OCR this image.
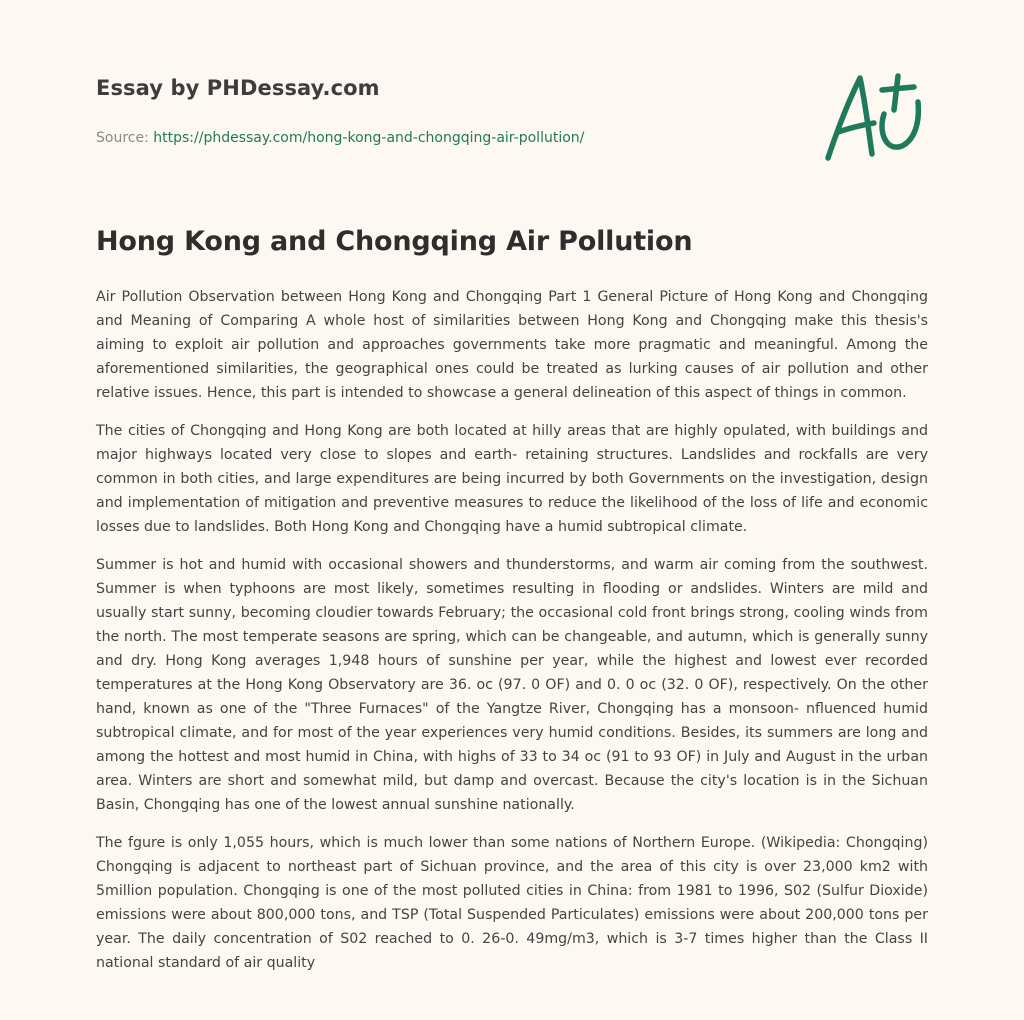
Essay by PHDessay.com
Source: https://phdessay.com/hong-kong-and-chongqing-air-pollution/
Hong Kong and Chongqing Air Pollution

Air Pollution Observation between Hong Kong and Chongqing Part 1 General Picture of Hong Kong and Chongqing and Meaning of Comparing A whole host of similarities between Hong Kong and Chongqing make this thesis's aiming to exploit air pollution and approaches governments take more pragmatic and meaningful. Among the aforementioned similarities, the geographical ones could be treated as lurking causes of air pollution and other relative issues. Hence, this part is intended to showcase a general delineation of this aspect of things in common.

The cities of Chongqing and Hong Kong are both located at hilly areas that are highly opulated, with buildings and major highways located very close to slopes and earth- retaining structures. Landslides and rockfalls are very common in both cities, and large expenditures are being incurred by both Governments on the investigation, design and implementation of mitigation and preventive measures to reduce the likelihood of the loss of life and economic losses due to landslides. Both Hong Kong and Chongqing have a humid subtropical climate.

Summer is hot and humid with occasional showers and thunderstorms, and warm air coming from the southwest. Summer is when typhoons are most likely, sometimes resulting in flooding or andslides. Winters are mild and usually start sunny, becoming cloudier towards February; the occasional cold front brings strong, cooling winds from the north. The most temperate seasons are spring, which can be changeable, and autumn, which is generally sunny and dry. Hong Kong averages 1,948 hours of sunshine per year, while the highest and lowest ever recorded temperatures at the Hong Kong Observatory are 36. oc (97. 0 OF) and 0. 0 oc (32. 0 OF), respectively. On the other hand, known as one of the "Three Furnaces" of the Yangtze River, Chongqing has a monsoon- nfluenced humid subtropical climate, and for most of the year experiences very humid conditions. Besides, its summers are long and among the hottest and most humid in China, with highs of 33 to 34 oc (91 to 93 OF) in July and August in the urban area. Winters are short and somewhat mild, but damp and overcast. Because the city's location is in the Sichuan Basin, Chongqing has one of the lowest annual sunshine nationally.

The fgure is only 1,055 hours, which is much lower than some nations of Northern Europe. (Wikipedia: Chongqing) Chongqing is adjacent to northeast part of Sichuan province, and the area of this city is over 23,000 km2 with 5million population. Chongqing is one of the most polluted cities in China: from 1981 to 1996, S02 (Sulfur Dioxide) emissions were about 800,000 tons, and TSP (Total Suspended Particulates) emissions were about 200,000 tons per year. The daily concentration of S02 reached to 0. 26-0. 49mg/m3, which is 3-7 times higher than the Class II national standard of air quality
